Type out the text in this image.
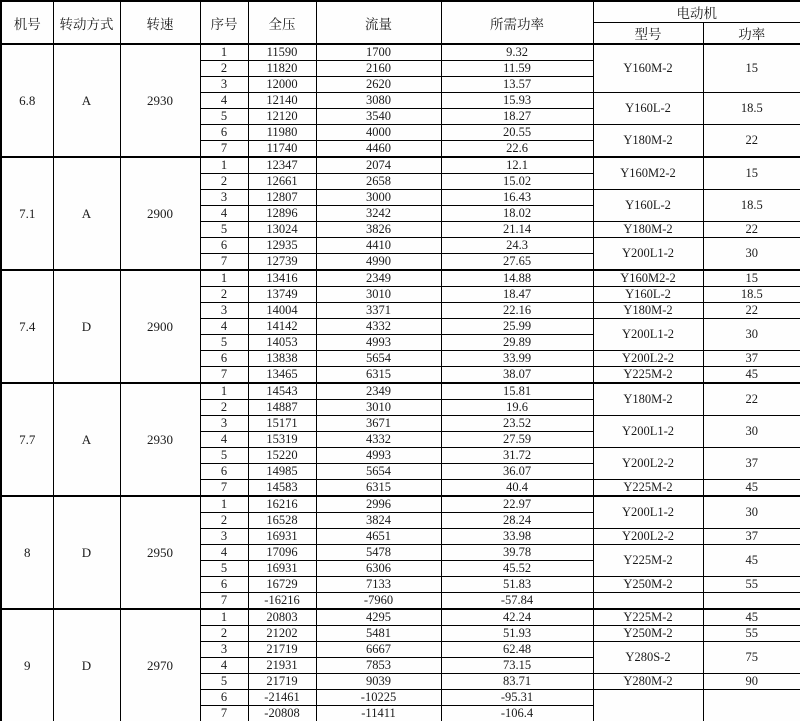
机号	转动方式	转速	序号	全压	流量	所需功率	电动机	
							型号	功率
6.8	A	2930	1	11590	1700	9.32	Y160M-2	15
			2	11820	2160	11.59		
			3	12000	2620	13.57		
			4	12140	3080	15.93	Y160L-2	18.5
			5	12120	3540	18.27		
			6	11980	4000	20.55	Y180M-2	22
			7	11740	4460	22.6		
7.1	A	2900	1	12347	2074	12.1	Y160M2-2	15
			2	12661	2658	15.02		
			3	12807	3000	16.43	Y160L-2	18.5
			4	12896	3242	18.02		
			5	13024	3826	21.14	Y180M-2	22
			6	12935	4410	24.3	Y200L1-2	30
			7	12739	4990	27.65		
7.4	D	2900	1	13416	2349	14.88	Y160M2-2	15
			2	13749	3010	18.47	Y160L-2	18.5
			3	14004	3371	22.16	Y180M-2	22
			4	14142	4332	25.99	Y200L1-2	30
			5	14053	4993	29.89		
			6	13838	5654	33.99	Y200L2-2	37
			7	13465	6315	38.07	Y225M-2	45
7.7	A	2930	1	14543	2349	15.81	Y180M-2	22
			2	14887	3010	19.6		
			3	15171	3671	23.52	Y200L1-2	30
			4	15319	4332	27.59		
			5	15220	4993	31.72	Y200L2-2	37
			6	14985	5654	36.07		
			7	14583	6315	40.4	Y225M-2	45
8	D	2950	1	16216	2996	22.97	Y200L1-2	30
			2	16528	3824	28.24		
			3	16931	4651	33.98	Y200L2-2	37
			4	17096	5478	39.78	Y225M-2	45
			5	16931	6306	45.52		
			6	16729	7133	51.83	Y250M-2	55
			7	-16216	-7960	-57.84		
9	D	2970	1	20803	4295	42.24	Y225M-2	45
			2	21202	5481	51.93	Y250M-2	55
			3	21719	6667	62.48	Y280S-2	75
			4	21931	7853	73.15		
			5	21719	9039	83.71	Y280M-2	90
			6	-21461	-10225	-95.31		
			7	-20808	-11411	-106.4		
